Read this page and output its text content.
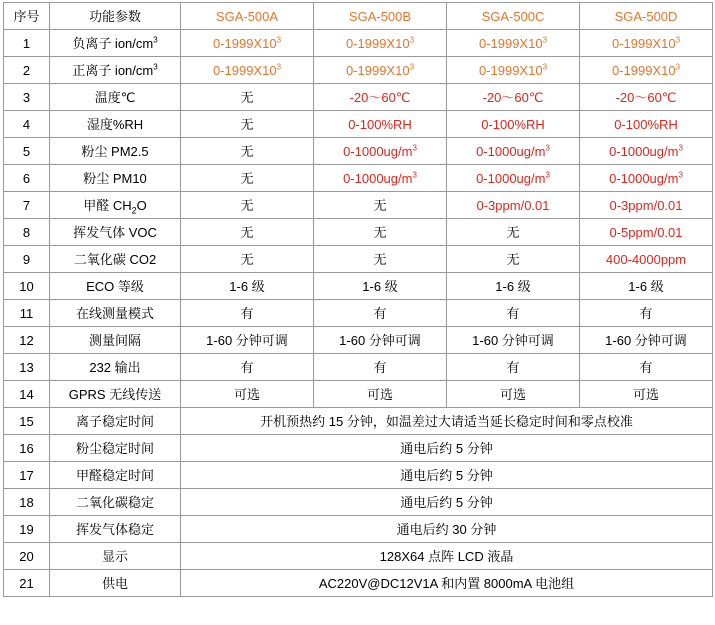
序号	功能参数	SGA-500A	SGA-500B	SGA-500C	SGA-500D
1	负离子 ion/$cm^3$	$0-1999X10^3$	$0-1999X10^3$	$0-1999X10^3$	$0-1999X10^3$
2	正离子 ion/$cm^3$	$0-1999X10^3$	$0-1999X10^3$	$0-1999X10^3$	$0-1999X10^3$
3	温度℃	无	-20～60℃	-20～60℃	-20～60℃
4	湿度%RH	无	0-100%RH	0-100%RH	0-100%RH
5	粉尘 PM2.5	无	$0-1000ug/m^3$	$0-1000ug/m^3$	$0-1000ug/m^3$
6	粉尘 PM10	无	$0-1000ug/m^3$	$0-1000ug/m^3$	$0-1000ug/m^3$
7	甲醛 $CH_2O$	无	无	0-3ppm/0.01	0-3ppm/0.01
8	挥发气体 VOC	无	无	无	0-5ppm/0.01
9	二氧化碳 CO2	无	无	无	400-4000ppm
10	ECO 等级	1-6 级	1-6 级	1-6 级	1-6 级
11	在线测量模式	有	有	有	有
12	测量间隔	1-60 分钟可调	1-60 分钟可调	1-60 分钟可调	1-60 分钟可调
13	232 输出	有	有	有	有
14	GPRS 无线传送	可选	可选	可选	可选
15	离子稳定时间	开机预热约 15 分钟，如温差过大请适当延长稳定时间和零点校准			
16	粉尘稳定时间	通电后约 5 分钟			
17	甲醛稳定时间	通电后约 5 分钟			
18	二氧化碳稳定	通电后约 5 分钟			
19	挥发气体稳定	通电后约 30 分钟			
20	显示	128X64 点阵 LCD 液晶			
21	供电	AC220V@DC12V1A 和内置 8000mA 电池组			
